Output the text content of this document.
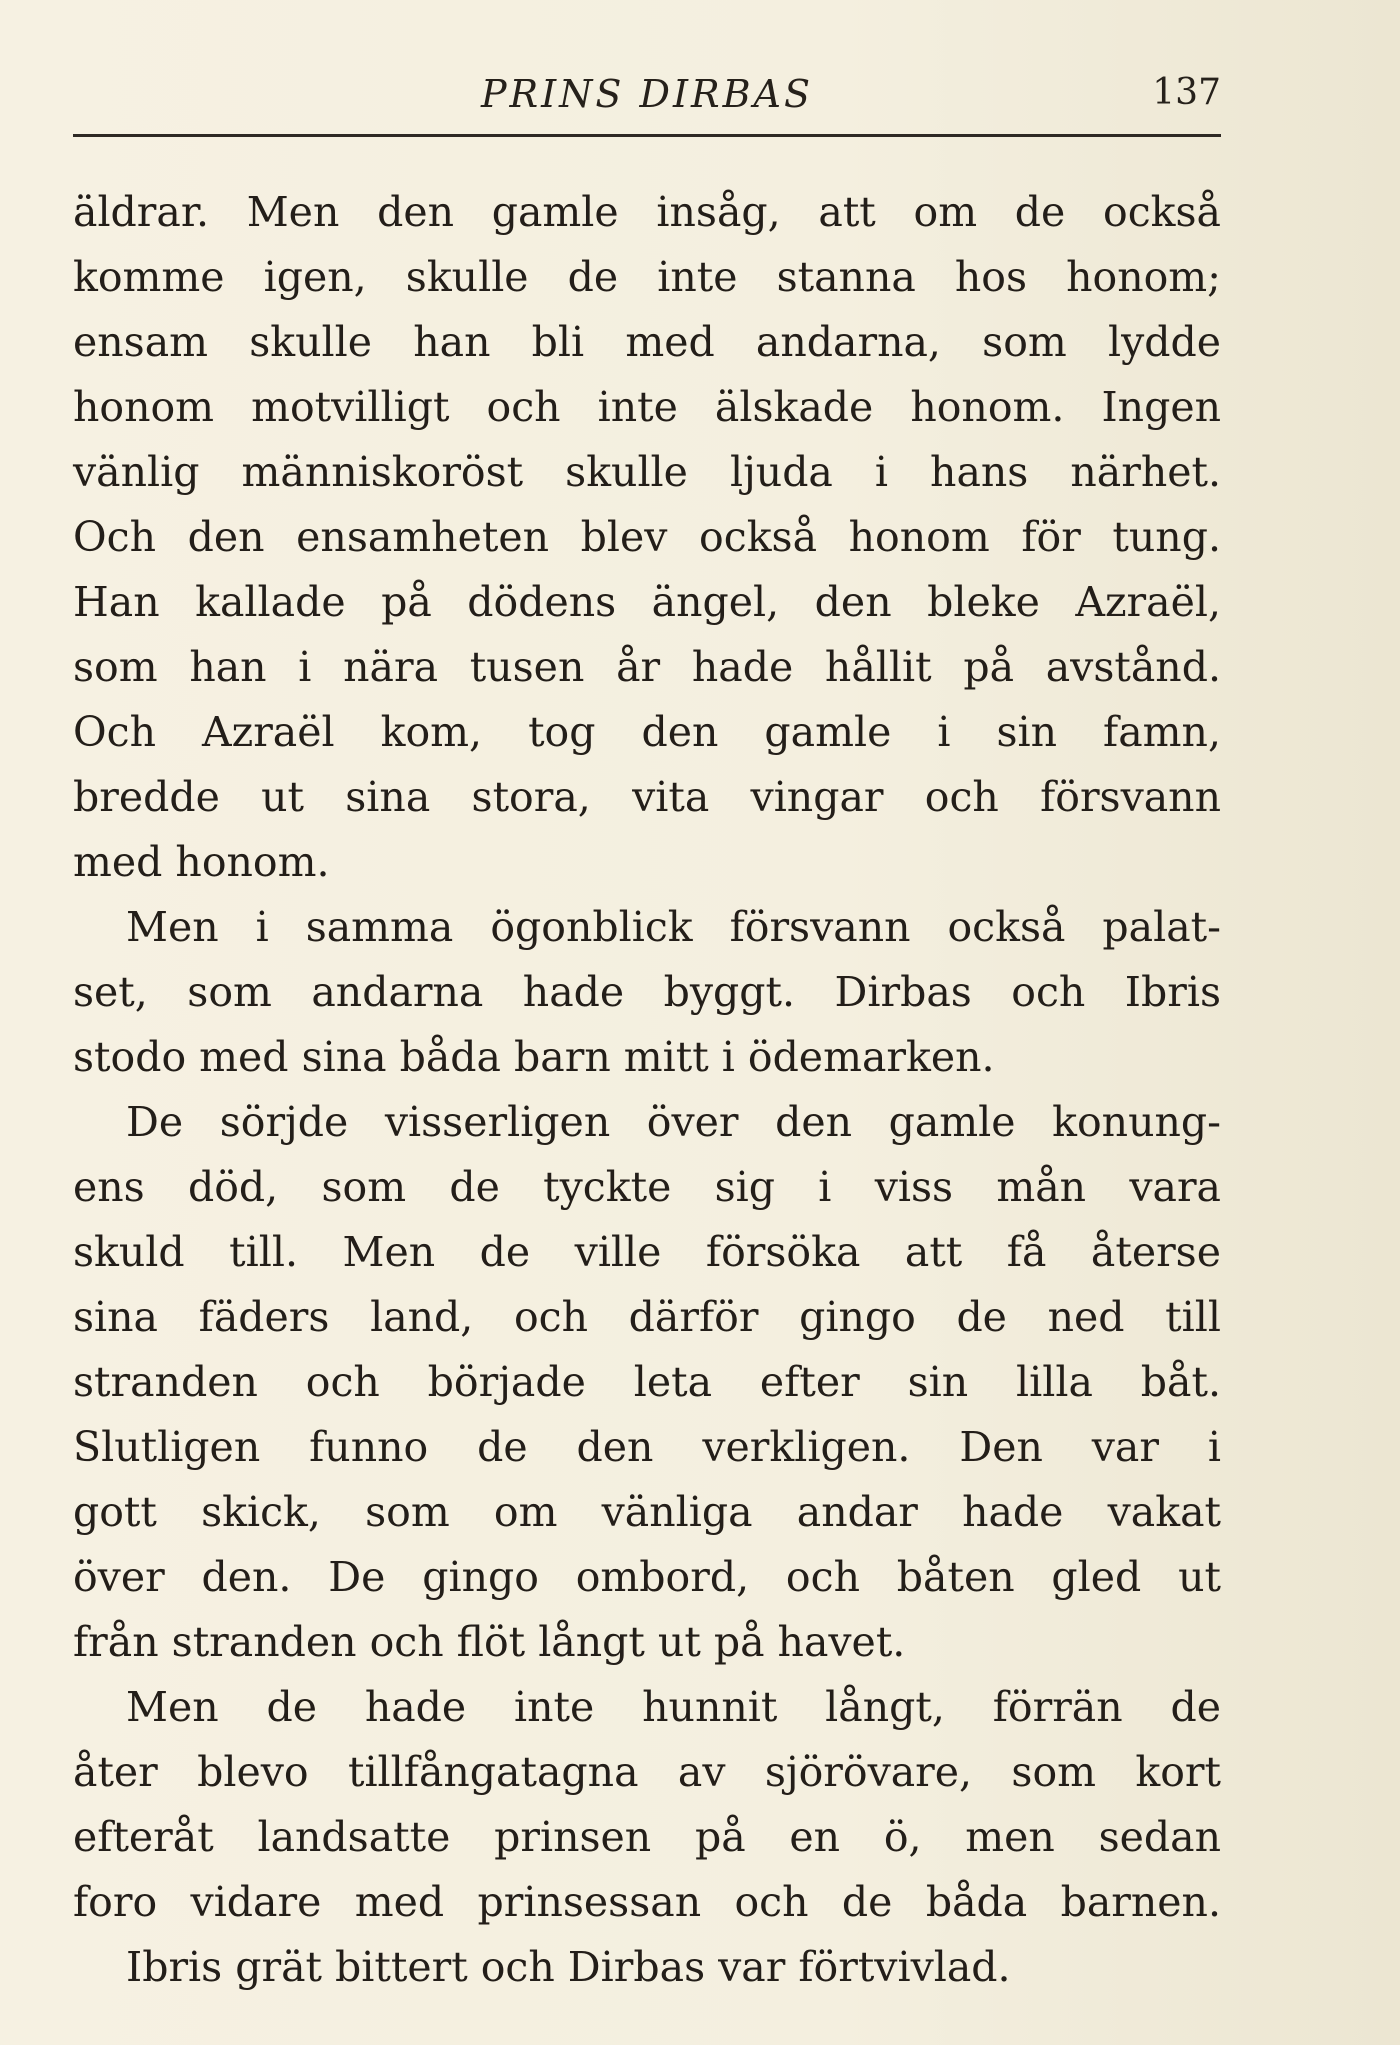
PRINS DIRBAS	137
äldrar. Men den gamle insåg, att om de också
komme igen, skulle de inte stanna hos honom;
ensam skulle han bli med andarna, som lydde
honom motvilligt och inte älskade honom. Ingen
vänlig människoröst skulle ljuda i hans närhet.
Och den ensamheten blev också honom för tung.
Han kallade på dödens ängel, den bleke Azraël,
som han i nära tusen år hade hållit på avstånd.
Och Azraël kom, tog den gamle i sin famn,
bredde ut sina stora, vita vingar och försvann
med honom.
Men i samma ögonblick försvann också palat-
set, som andarna hade byggt. Dirbas och Ibris
stodo med sina båda barn mitt i ödemarken.
De sörjde visserligen över den gamle konung-
ens död, som de tyckte sig i viss mån vara
skuld till. Men de ville försöka att få återse
sina fäders land, och därför gingo de ned till
stranden och började leta efter sin lilla båt.
Slutligen funno de den verkligen. Den var i
gott skick, som om vänliga andar hade vakat
över den. De gingo ombord, och båten gled ut
från stranden och flöt långt ut på havet.
Men de hade inte hunnit långt, förrän de
åter blevo tillfångatagna av sjörövare, som kort
efteråt landsatte prinsen på en ö, men sedan
foro vidare med prinsessan och de båda barnen.
Ibris grät bittert och Dirbas var förtvivlad.
